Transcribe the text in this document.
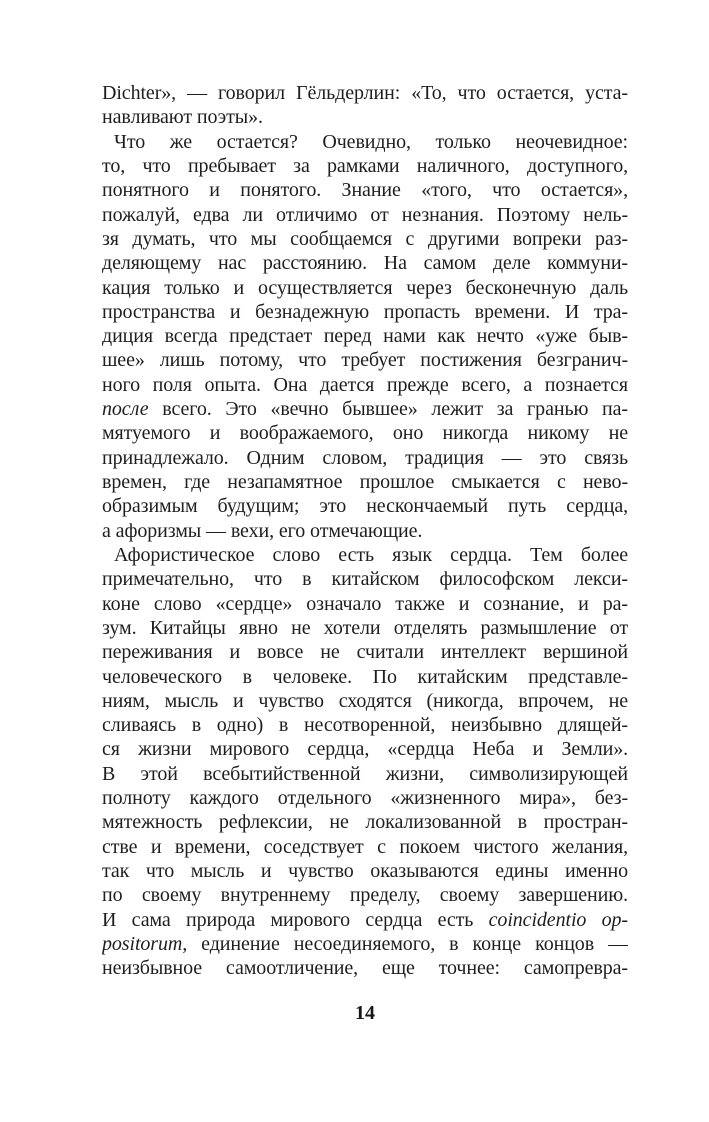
Dichter», — говорил Гёльдерлин: «То, что остается, уста-
навливают поэты».
Что же остается? Очевидно, только неочевидное:
то, что пребывает за рамками наличного, доступного,
понятного и понятого. Знание «того, что остается»,
пожалуй, едва ли отличимо от незнания. Поэтому нель-
зя думать, что мы сообщаемся с другими вопреки раз-
деляющему нас расстоянию. На самом деле коммуни-
кация только и осуществляется через бесконечную даль
пространства и безнадежную пропасть времени. И тра-
диция всегда предстает перед нами как нечто «уже быв-
шее» лишь потому, что требует постижения безгранич-
ного поля опыта. Она дается прежде всего, а познается
после всего. Это «вечно бывшее» лежит за гранью па-
мятуемого и воображаемого, оно никогда никому не
принадлежало. Одним словом, традиция — это связь
времен, где незапамятное прошлое смыкается с нево-
образимым будущим; это нескончаемый путь сердца,
а афоризмы — вехи, его отмечающие.
Афористическое слово есть язык сердца. Тем более
примечательно, что в китайском философском лекси-
коне слово «сердце» означало также и сознание, и ра-
зум. Китайцы явно не хотели отделять размышление от
переживания и вовсе не считали интеллект вершиной
человеческого в человеке. По китайским представле-
ниям, мысль и чувство сходятся (никогда, впрочем, не
сливаясь в одно) в несотворенной, неизбывно длящей-
ся жизни мирового сердца, «сердца Неба и Земли».
В этой всебытийственной жизни, символизирующей
полноту каждого отдельного «жизненного мира», без-
мятежность рефлексии, не локализованной в простран-
стве и времени, соседствует с покоем чистого желания,
так что мысль и чувство оказываются едины именно
по своему внутреннему пределу, своему завершению.
И сама природа мирового сердца есть coincidentio op-
positorum, единение несоединяемого, в конце концов —
неизбывное самоотличение, еще точнее: самопревра-
14
